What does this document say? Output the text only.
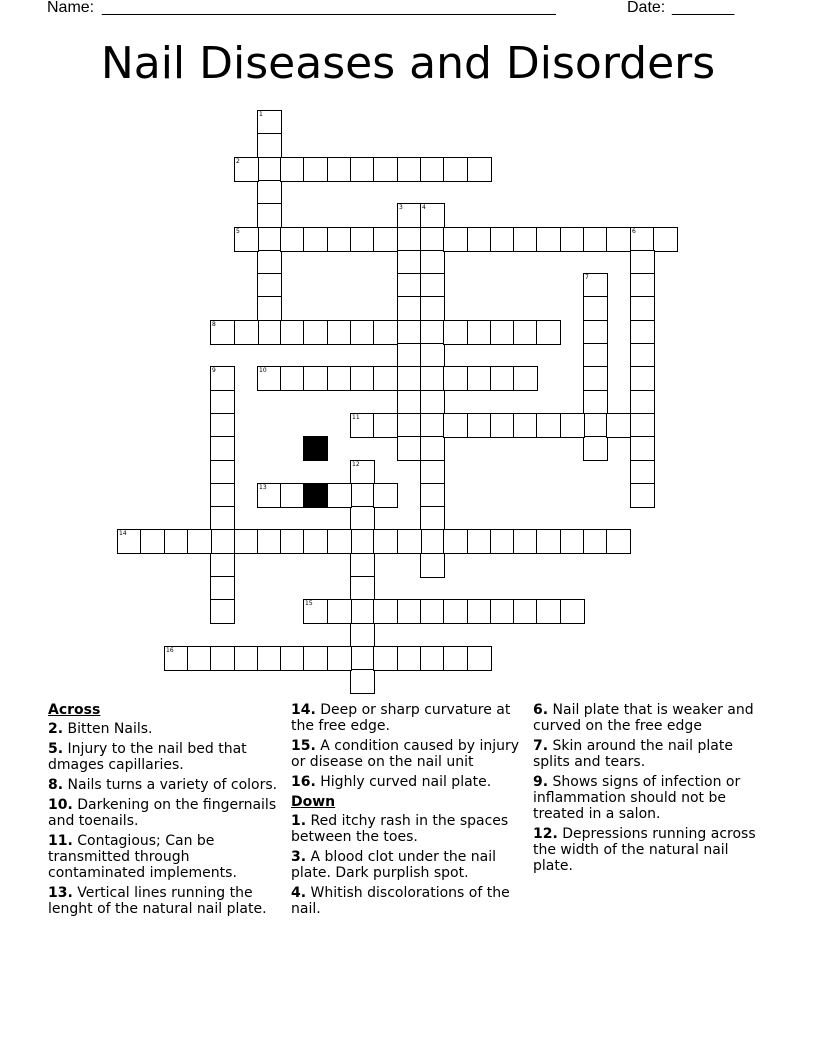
Name: ___________________________________________________	Date: _______
Nail Diseases and Disorders
1
2
3	4
5	6
7
8
9	10
11
12
13
14
15
16
Across
2. Bitten Nails.
5. Injury to the nail bed that dmages capillaries.
8. Nails turns a variety of colors.
10. Darkening on the fingernails and toenails.
11. Contagious; Can be transmitted through contaminated implements.
13. Vertical lines running the lenght of the natural nail plate.
14. Deep or sharp curvature at the free edge.
15. A condition caused by injury or disease on the nail unit
16. Highly curved nail plate.
Down
1. Red itchy rash in the spaces between the toes.
3. A blood clot under the nail plate. Dark purplish spot.
4. Whitish discolorations of the nail.
6. Nail plate that is weaker and curved on the free edge
7. Skin around the nail plate splits and tears.
9. Shows signs of infection or inflammation should not be treated in a salon.
12. Depressions running across the width of the natural nail plate.
